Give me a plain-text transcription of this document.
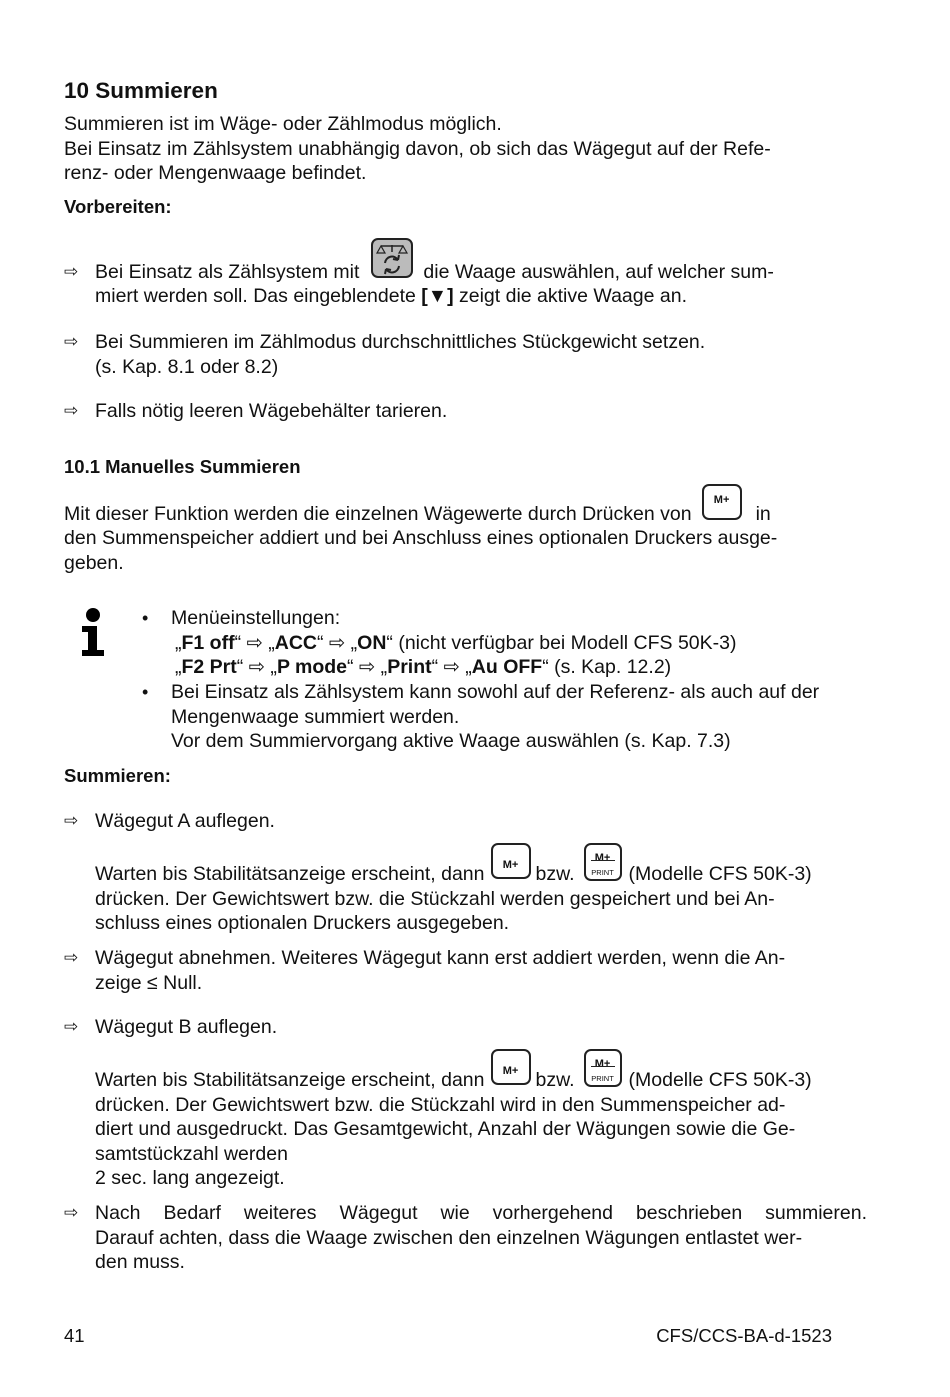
10 Summieren
Summieren ist im Wäge- oder Zählmodus möglich.
Bei Einsatz im Zählsystem unabhängig davon, ob sich das Wägegut auf der Refe-
renz- oder Mengenwaage befindet.
Vorbereiten:
⇨ Bei Einsatz als Zählsystem mit	die Waage auswählen, auf welcher sum-
miert werden soll. Das eingeblendete [▼] zeigt die aktive Waage an.
⇨ Bei Summieren im Zählmodus durchschnittliches Stückgewicht setzen.
(s. Kap. 8.1 oder 8.2)
⇨ Falls nötig leeren Wägebehälter tarieren.
10.1 Manuelles Summieren
Mit dieser Funktion werden die einzelnen Wägewerte durch Drücken von
M+
in
den Summenspeicher addiert und bei Anschluss eines optionalen Druckers ausge-
geben.
• Menüeinstellungen:
„F1 off“ ⇨ „ACC“ ⇨ „ON“ (nicht verfügbar bei Modell CFS 50K-3)
„F2 Prt“ ⇨ „P mode“ ⇨ „Print“ ⇨ „Au OFF“ (s. Kap. 12.2)
• Bei Einsatz als Zählsystem kann sowohl auf der Referenz- als auch auf der
Mengenwaage summiert werden.
Vor dem Summiervorgang aktive Waage auswählen (s. Kap. 7.3)
Summieren:
⇨ Wägegut A auflegen.
Warten bis Stabilitätsanzeige erscheint, dann	M+ bzw.
M+
PRINT (Modelle CFS 50K-3)
drücken. Der Gewichtswert bzw. die Stückzahl werden gespeichert und bei An-
schluss eines optionalen Druckers ausgegeben.
⇨ Wägegut abnehmen. Weiteres Wägegut kann erst addiert werden, wenn die An-
zeige ≤ Null.
⇨ Wägegut B auflegen.
Warten bis Stabilitätsanzeige erscheint, dann	M+ bzw.
M+
PRINT (Modelle CFS 50K-3)
drücken. Der Gewichtswert bzw. die Stückzahl wird in den Summenspeicher ad-
diert und ausgedruckt. Das Gesamtgewicht, Anzahl der Wägungen sowie die Ge-
samtstückzahl werden
2 sec. lang angezeigt.
⇨ Nach Bedarf weiteres Wägegut wie vorhergehend beschrieben summieren.
Darauf achten, dass die Waage zwischen den einzelnen Wägungen entlastet wer-
den muss.
41	CFS/CCS-BA-d-1523
